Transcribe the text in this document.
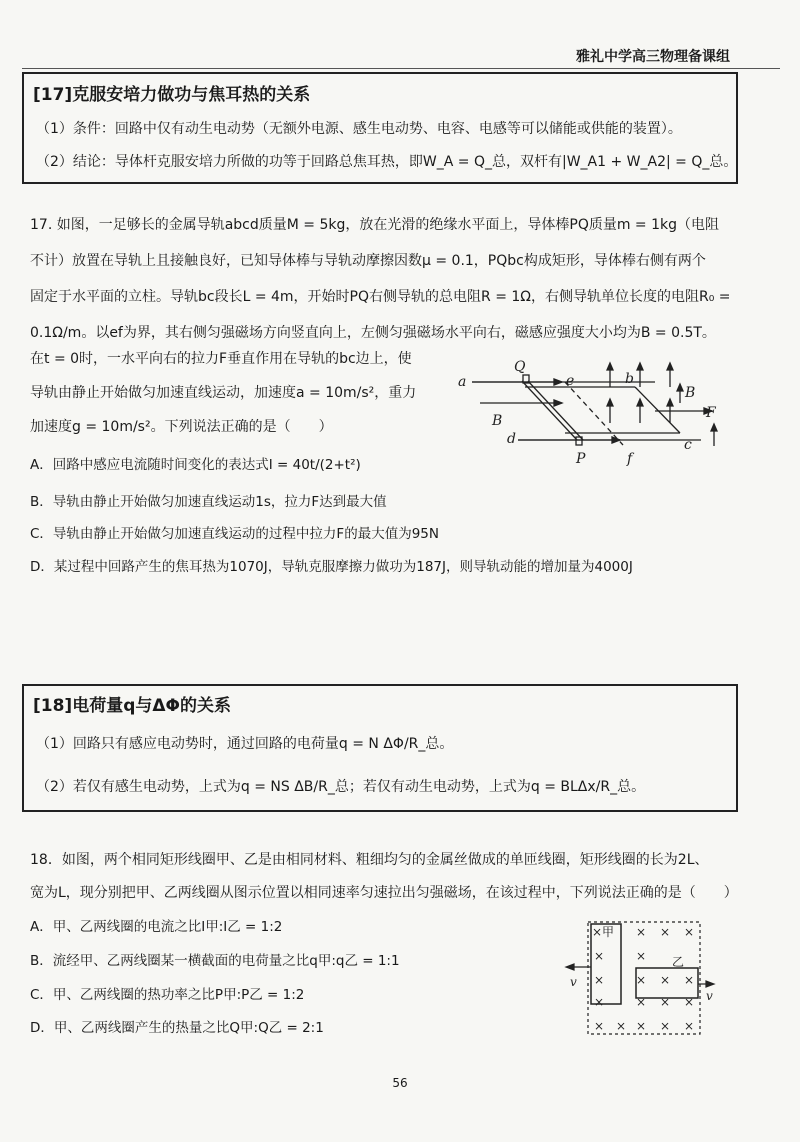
雅礼中学高三物理备课组
[17]克服安培力做功与焦耳热的关系
（1）条件：回路中仅有动生电动势（无额外电源、感生电动势、电容、电感等可以储能或供能的装置）。
（2）结论：导体杆克服安培力所做的功等于回路总焦耳热，即W_A = Q_总，双杆有|W_A1 + W_A2| = Q_总。
17. 如图，一足够长的金属导轨abcd质量M = 5kg，放在光滑的绝缘水平面上，导体棒PQ质量m = 1kg（电阻
不计）放置在导轨上且接触良好，已知导体棒与导轨动摩擦因数μ = 0.1，PQbc构成矩形，导体棒右侧有两个
固定于水平面的立柱。导轨bc段长L = 4m，开始时PQ右侧导轨的总电阻R = 1Ω，右侧导轨单位长度的电阻R₀ =
0.1Ω/m。以ef为界，其右侧匀强磁场方向竖直向上，左侧匀强磁场水平向右，磁感应强度大小均为B = 0.5T。
在t = 0时，一水平向右的拉力F垂直作用在导轨的bc边上，使
导轨由静止开始做匀加速直线运动，加速度a = 10m/s²，重力
加速度g = 10m/s²。下列说法正确的是（　　）
A．回路中感应电流随时间变化的表达式I = 40t/(2+t²)
B．导轨由静止开始做匀加速直线运动1s，拉力F达到最大值
C．导轨由静止开始做匀加速直线运动的过程中拉力F的最大值为95N
D．某过程中回路产生的焦耳热为1070J，导轨克服摩擦力做功为187J，则导轨动能的增加量为4000J
a
Q
e	b
B
F
B
d	c
P	f
[18]电荷量q与ΔΦ的关系
（1）回路只有感应电动势时，通过回路的电荷量q = N ΔΦ/R_总。
（2）若仅有感生电动势，上式为q = NS ΔB/R_总；若仅有动生电动势，上式为q = BLΔx/R_总。
18．如图，两个相同矩形线圈甲、乙是由相同材料、粗细均匀的金属丝做成的单匝线圈，矩形线圈的长为2L、
宽为L，现分别把甲、乙两线圈从图示位置以相同速率匀速拉出匀强磁场，在该过程中，下列说法正确的是（　　）
A．甲、乙两线圈的电流之比I甲:I乙 = 1:2
B．流经甲、乙两线圈某一横截面的电荷量之比q甲:q乙 = 1:1
C．甲、乙两线圈的热功率之比P甲:P乙 = 1:2
D．甲、乙两线圈产生的热量之比Q甲:Q乙 = 2:1
×	× × ×
×	×
×	× × ×
×	× × ×
× × × × ×
甲
乙
v
v
56
